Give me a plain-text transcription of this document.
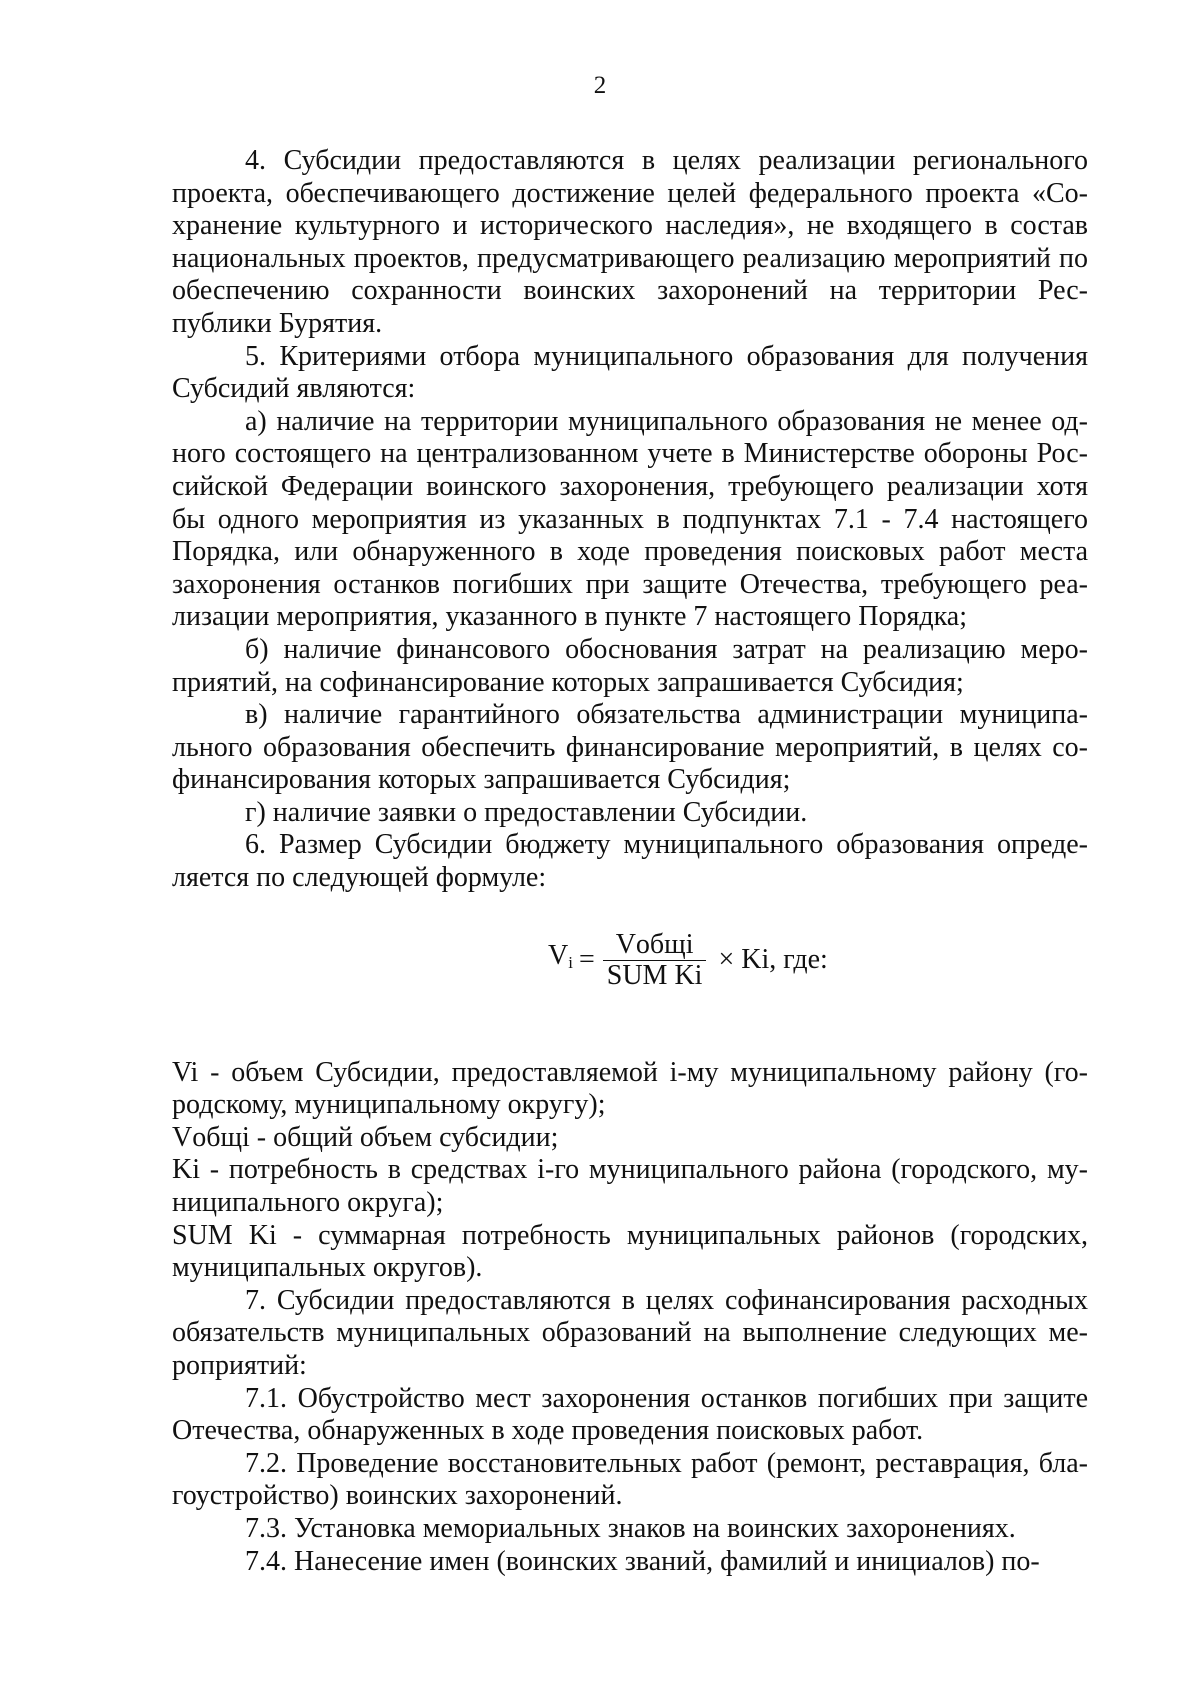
2

4. Субсидии предоставляются в целях реализации регионального проекта, обеспечивающего достижение целей федерального проекта «Сохранение культурного и исторического наследия», не входящего в состав национальных проектов, предусматривающего реализацию мероприятий по обеспечению сохранности воинских захоронений на территории Республики Бурятия.

5. Критериями отбора муниципального образования для получения Субсидий являются:

а) наличие на территории муниципального образования не менее одного состоящего на централизованном учете в Министерстве обороны Российской Федерации воинского захоронения, требующего реализации хотя бы одного мероприятия из указанных в подпунктах 7.1 - 7.4 настоящего Порядка, или обнаруженного в ходе проведения поисковых работ места захоронения останков погибших при защите Отечества, требующего реализации мероприятия, указанного в пункте 7 настоящего Порядка;

б) наличие финансового обоснования затрат на реализацию мероприятий, на софинансирование которых запрашивается Субсидия;

в) наличие гарантийного обязательства администрации муниципального образования обеспечить финансирование мероприятий, в целях софинансирования которых запрашивается Субсидия;

г) наличие заявки о предоставлении Субсидии.

6. Размер Субсидии бюджету муниципального образования определяется по следующей формуле:

$V_i = \frac{\text{Vобщі}}{\text{SUM Ki}} \times Ki$, где:

Vi - объем Субсидии, предоставляемой i-му муниципальному району (городскому, муниципальному округу);

Vобщі - общий объем субсидии;

Ki - потребность в средствах i-го муниципального района (городского, муниципального округа);

SUM Ki - суммарная потребность муниципальных районов (городских, муниципальных округов).

7. Субсидии предоставляются в целях софинансирования расходных обязательств муниципальных образований на выполнение следующих мероприятий:

7.1. Обустройство мест захоронения останков погибших при защите Отечества, обнаруженных в ходе проведения поисковых работ.

7.2. Проведение восстановительных работ (ремонт, реставрация, благоустройство) воинских захоронений.

7.3. Установка мемориальных знаков на воинских захоронениях.

7.4. Нанесение имен (воинских званий, фамилий и инициалов) по-
